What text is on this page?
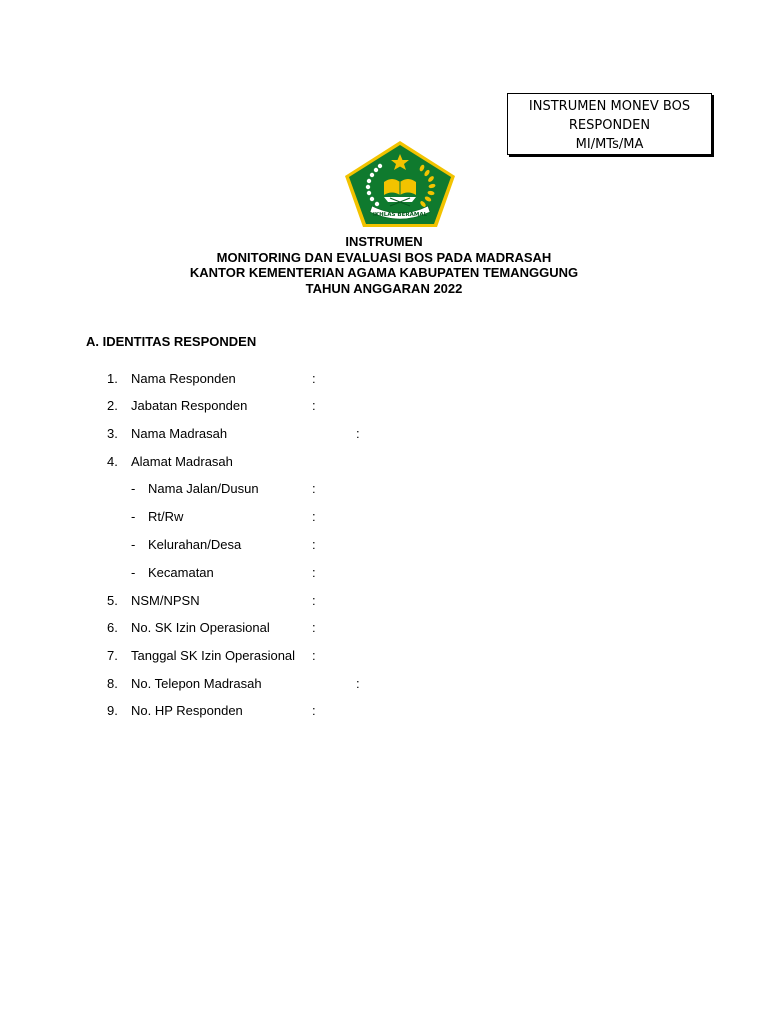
INSTRUMEN MONEV BOS
RESPONDEN
MI/MTs/MA
IKHLAS BERAMAL
INSTRUMEN
MONITORING DAN EVALUASI BOS PADA MADRASAH
KANTOR KEMENTERIAN AGAMA KABUPATEN TEMANGGUNG
TAHUN ANGGARAN 2022
A. IDENTITAS RESPONDEN
1. Nama Responden	:
2. Jabatan Responden	:
3. Nama Madrasah	:
4. Alamat Madrasah
- Nama Jalan/Dusun	:
- Rt/Rw	:
- Kelurahan/Desa	:
- Kecamatan	:
5. NSM/NPSN	:
6. No. SK Izin Operasional	:
7. Tanggal SK Izin Operasional :
8. No. Telepon Madrasah	:
9. No. HP Responden	:
